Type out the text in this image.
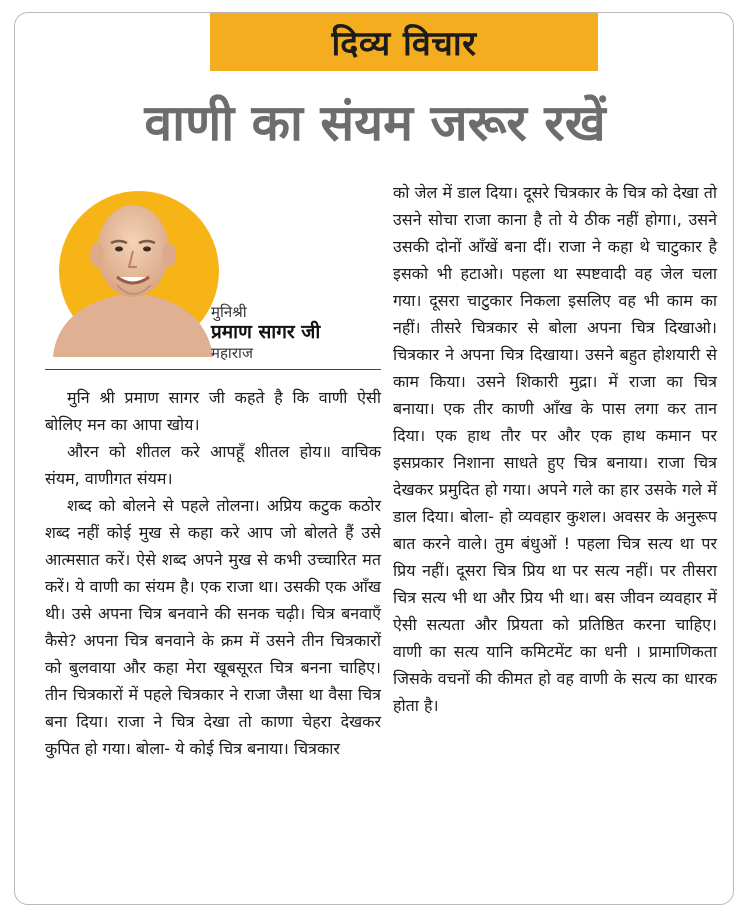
दिव्य विचार
वाणी का संयम जरूर रखें
मुनिश्री
प्रमाण सागर जी
महाराज

मुनि श्री प्रमाण सागर जी कहते है कि वाणी ऐसी बोलिए मन का आपा खोय।

औरन को शीतल करे आपहूँ शीतल होय॥ वाचिक संयम, वाणीगत संयम।

शब्द को बोलने से पहले तोलना। अप्रिय कटुक कठोर शब्द नहीं कोई मुख से कहा करे आप जो बोलते हैं उसे आत्मसात करें। ऐसे शब्द अपने मुख से कभी उच्चारित मत करें। ये वाणी का संयम है। एक राजा था। उसकी एक आँख थी। उसे अपना चित्र बनवाने की सनक चढ़ी। चित्र बनवाएँ कैसे? अपना चित्र बनवाने के क्रम में उसने तीन चित्रकारों को बुलवाया और कहा मेरा खूबसूरत चित्र बनना चाहिए। तीन चित्रकारों में पहले चित्रकार ने राजा जैसा था वैसा चित्र बना दिया। राजा ने चित्र देखा तो काणा चेहरा देखकर कुपित हो गया। बोला- ये कोई चित्र बनाया। चित्रकार

को जेल में डाल दिया। दूसरे चित्रकार के चित्र को देखा तो उसने सोचा राजा काना है तो ये ठीक नहीं होगा।, उसने उसकी दोनों आँखें बना दीं। राजा ने कहा थे चाटुकार है इसको भी हटाओ। पहला था स्पष्टवादी वह जेल चला गया। दूसरा चाटुकार निकला इसलिए वह भी काम का नहीं। तीसरे चित्रकार से बोला अपना चित्र दिखाओ। चित्रकार ने अपना चित्र दिखाया। उसने बहुत होशयारी से काम किया। उसने शिकारी मुद्रा। में राजा का चित्र बनाया। एक तीर काणी आँख के पास लगा कर तान दिया। एक हाथ तौर पर और एक हाथ कमान पर इसप्रकार निशाना साधते हुए चित्र बनाया। राजा चित्र देखकर प्रमुदित हो गया। अपने गले का हार उसके गले में डाल दिया। बोला- हो व्यवहार कुशल। अवसर के अनुरूप बात करने वाले। तुम बंधुओं ! पहला चित्र सत्य था पर प्रिय नहीं। दूसरा चित्र प्रिय था पर सत्य नहीं। पर तीसरा चित्र सत्य भी था और प्रिय भी था। बस जीवन व्यवहार में ऐसी सत्यता और प्रियता को प्रतिष्ठित करना चाहिए। वाणी का सत्य यानि कमिटमेंट का धनी । प्रामाणिकता जिसके वचनों की कीमत हो वह वाणी के सत्य का धारक होता है।
